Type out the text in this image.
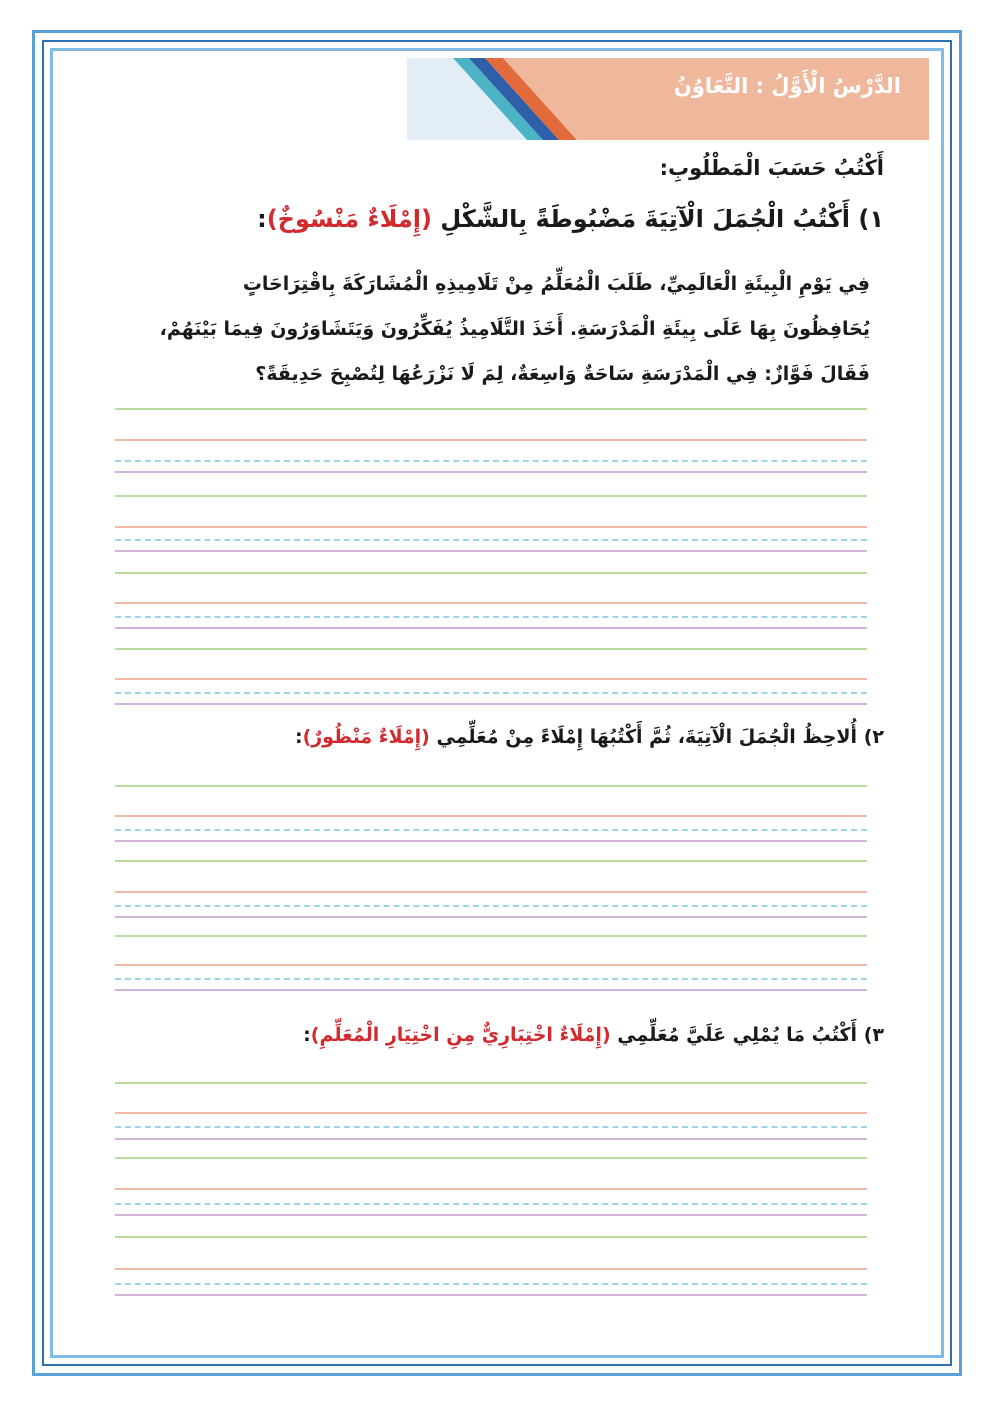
الدَّرْسُ الْأَوَّلُ : التَّعَاوُنُ
أَكْتُبُ حَسَبَ الْمَطْلُوبِ:
١) أَكْتُبُ الْجُمَلَ الْآتِيَةَ مَضْبُوطَةً بِالشَّكْلِ (إِمْلَاءٌ مَنْسُوخٌ):

فِي يَوْمِ الْبِيئَةِ الْعَالَمِيِّ، طَلَبَ الْمُعَلِّمُ مِنْ تَلَامِيذِهِ الْمُشَارَكَةَ بِاقْتِرَاحَاتٍ

يُحَافِظُونَ بِهَا عَلَى بِيئَةِ الْمَدْرَسَةِ. أَخَذَ التَّلَامِيذُ يُفَكِّرُونَ وَيَتَشَاوَرُونَ فِيمَا بَيْنَهُمْ،

فَقَالَ فَوَّازٌ: فِي الْمَدْرَسَةِ سَاحَةٌ وَاسِعَةٌ، لِمَ لَا نَزْرَعُهَا لِتُصْبِحَ حَدِيقَةً؟

٢) أُلاحِظُ الْجُمَلَ الْآتِيَةَ، ثُمَّ أَكْتُبُهَا إِمْلَاءً مِنْ مُعَلِّمِي (إِمْلَاءٌ مَنْظُورٌ):
٣) أَكْتُبُ مَا يُمْلِي عَلَيَّ مُعَلِّمِي (إِمْلَاءٌ اخْتِبَارِيٌّ مِنِ اخْتِيَارِ الْمُعَلِّمِ):
